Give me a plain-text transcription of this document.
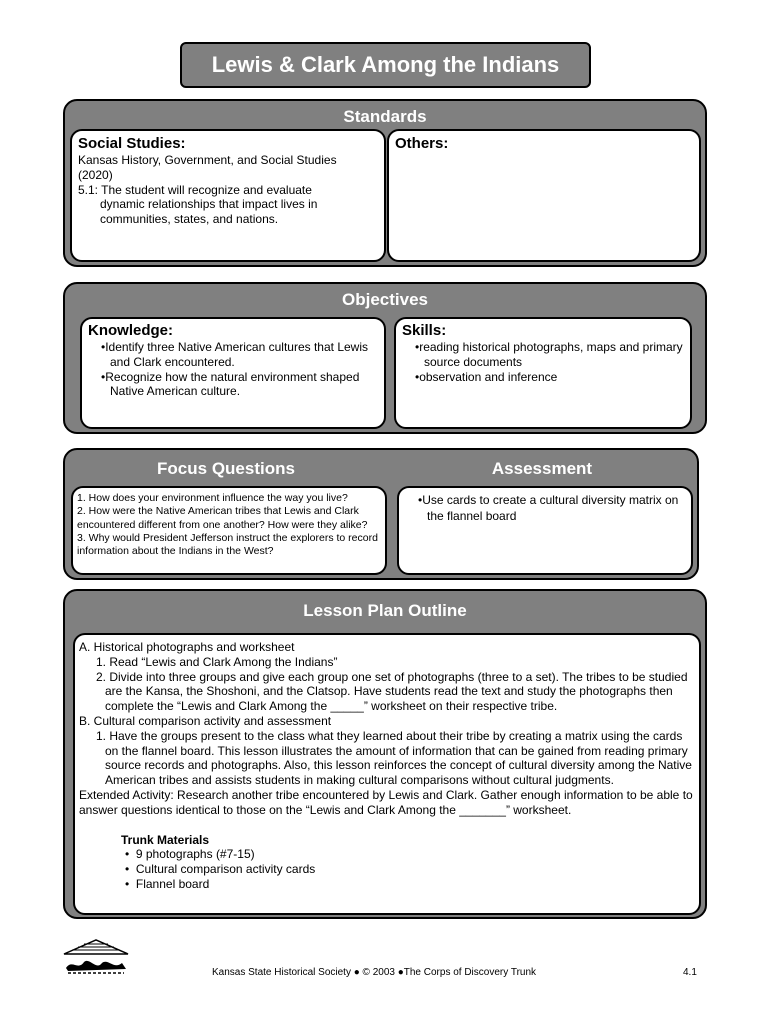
Lewis & Clark Among the Indians
Standards

Social Studies:

Kansas History, Government, and Social Studies

(2020)

5.1: The student will recognize and evaluate

dynamic relationships that impact lives in

communities, states, and nations.

Others:

Objectives

Knowledge:

•Identify three Native American cultures that Lewis and Clark encountered.

•Recognize how the natural environment shaped Native American culture.

Skills:

•reading historical photographs, maps and primary source documents

•observation and inference

Focus Questions	Assessment

1. How does your environment influence the way you live?

2. How were the Native American tribes that Lewis and Clark encountered different from one another? How were they alike?

3. Why would President Jefferson instruct the explorers to record information about the Indians in the West?

•Use cards to create a cultural diversity matrix on the flannel board

Lesson Plan Outline

A. Historical photographs and worksheet

1. Read “Lewis and Clark Among the Indians”

2. Divide into three groups and give each group one set of photographs (three to a set). The tribes to be studied are the Kansa, the Shoshoni, and the Clatsop. Have students read the text and study the photographs then complete the “Lewis and Clark Among the _____” worksheet on their respective tribe.

B. Cultural comparison activity and assessment

1. Have the groups present to the class what they learned about their tribe by creating a matrix using the cards on the flannel board. This lesson illustrates the amount of information that can be gained from reading primary source records and photographs. Also, this lesson reinforces the concept of cultural diversity among the Native American tribes and assists students in making cultural comparisons without cultural judgments.

Extended Activity: Research another tribe encountered by Lewis and Clark. Gather enough information to be able to answer questions identical to those on the “Lewis and Clark Among the _______” worksheet.

Trunk Materials

•  9 photographs (#7-15)

•  Cultural comparison activity cards

•  Flannel board

Kansas State Historical Society ● © 2003 ●The Corps of Discovery Trunk	4.1
